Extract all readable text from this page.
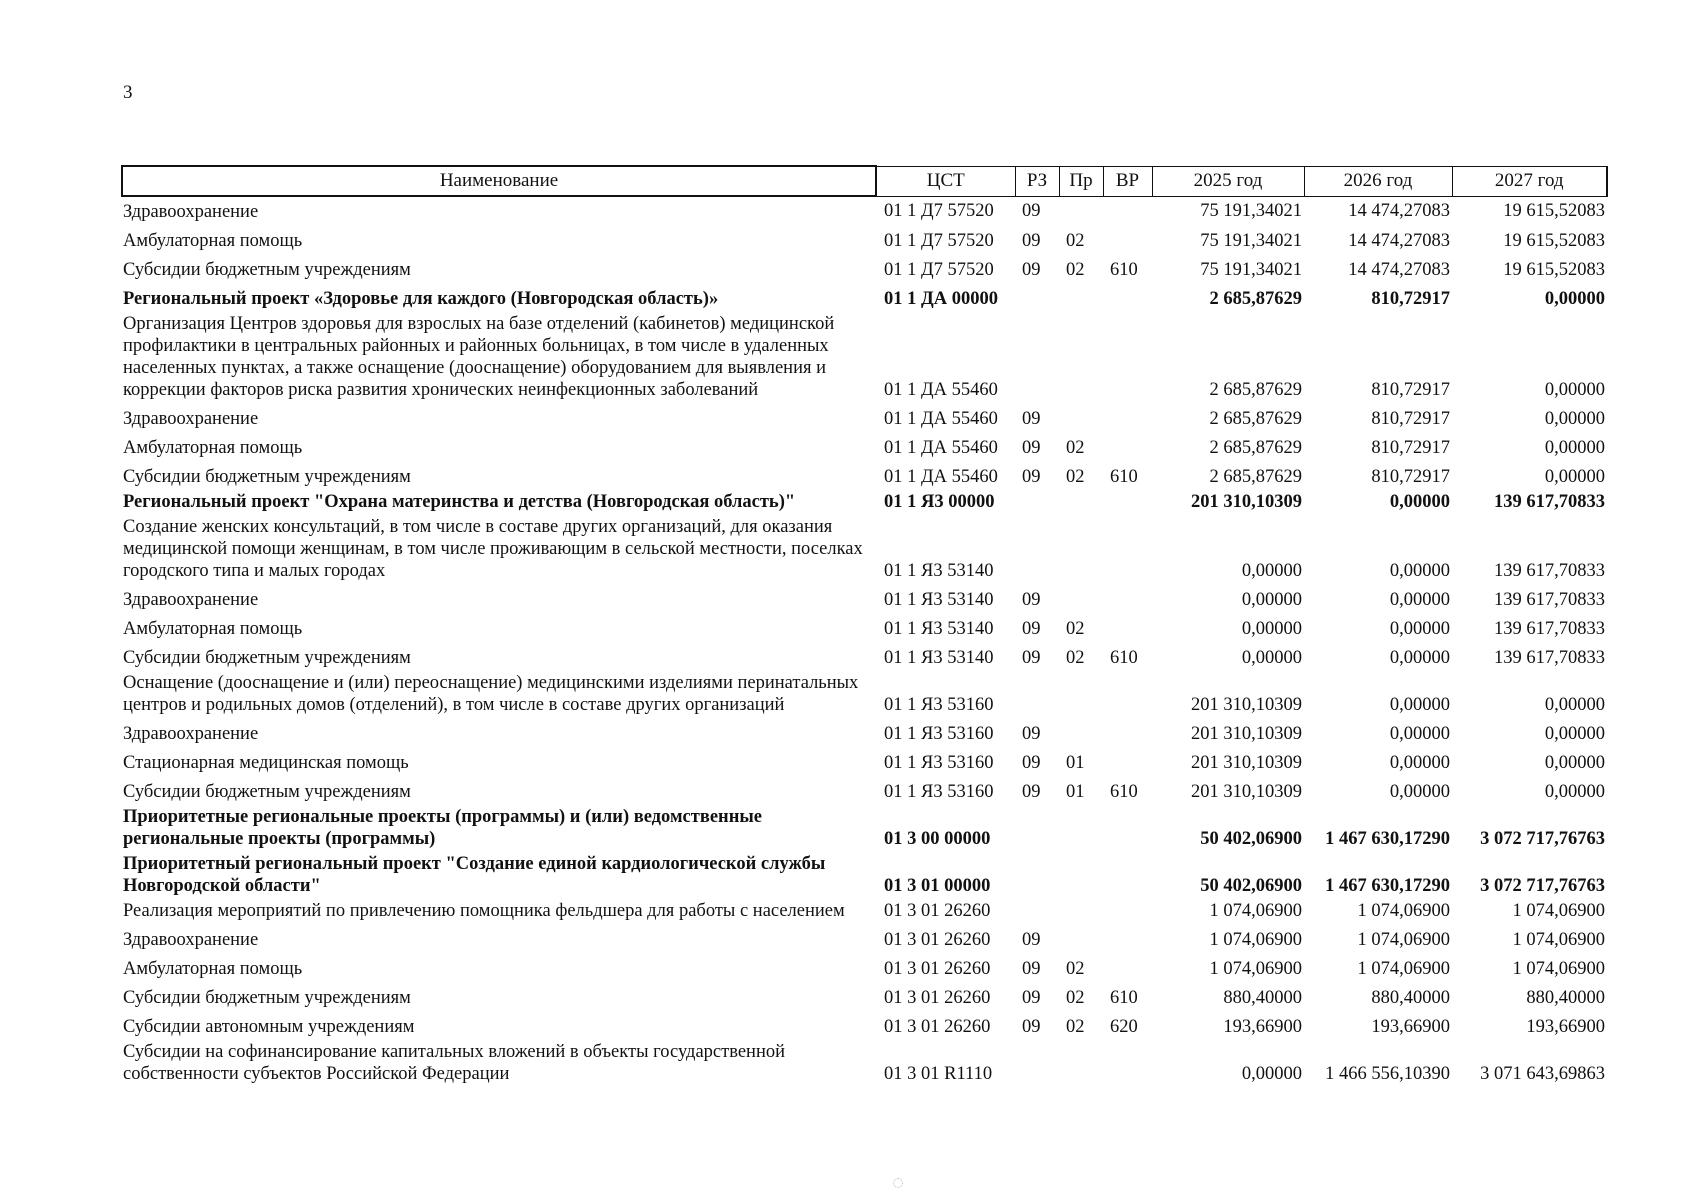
3
Наименование	ЦСТ	РЗ	Пр	ВР	2025 год	2026 год	2027 год
Здравоохранение	01 1 Д7 57520	09			75 191,34021	14 474,27083	19 615,52083
Амбулаторная помощь	01 1 Д7 57520	09	02		75 191,34021	14 474,27083	19 615,52083
Субсидии бюджетным учреждениям	01 1 Д7 57520	09	02	610	75 191,34021	14 474,27083	19 615,52083
Региональный проект «Здоровье для каждого (Новгородская область)»	01 1 ДА 00000				2 685,87629	810,72917	0,00000
Организация Центров здоровья для взрослых на базе отделений (кабинетов) медицинской профилактики в центральных районных и районных больницах, в том числе в удаленных населенных пунктах, а также оснащение (дооснащение) оборудованием для выявления и коррекции факторов риска развития хронических неинфекционных заболеваний	01 1 ДА 55460				2 685,87629	810,72917	0,00000
Здравоохранение	01 1 ДА 55460	09			2 685,87629	810,72917	0,00000
Амбулаторная помощь	01 1 ДА 55460	09	02		2 685,87629	810,72917	0,00000
Субсидии бюджетным учреждениям	01 1 ДА 55460	09	02	610	2 685,87629	810,72917	0,00000
Региональный проект "Охрана материнства и детства (Новгородская область)"	01 1 Я3 00000				201 310,10309	0,00000	139 617,70833
Создание женских консультаций, в том числе в составе других организаций, для оказания медицинской помощи женщинам, в том числе проживающим в сельской местности, поселках городского типа и малых городах	01 1 Я3 53140				0,00000	0,00000	139 617,70833
Здравоохранение	01 1 Я3 53140	09			0,00000	0,00000	139 617,70833
Амбулаторная помощь	01 1 Я3 53140	09	02		0,00000	0,00000	139 617,70833
Субсидии бюджетным учреждениям	01 1 Я3 53140	09	02	610	0,00000	0,00000	139 617,70833
Оснащение (дооснащение и (или) переоснащение) медицинскими изделиями перинатальных центров и родильных домов (отделений), в том числе в составе других организаций	01 1 Я3 53160				201 310,10309	0,00000	0,00000
Здравоохранение	01 1 Я3 53160	09			201 310,10309	0,00000	0,00000
Стационарная медицинская помощь	01 1 Я3 53160	09	01		201 310,10309	0,00000	0,00000
Субсидии бюджетным учреждениям	01 1 Я3 53160	09	01	610	201 310,10309	0,00000	0,00000
Приоритетные региональные проекты (программы) и (или) ведомственные региональные проекты (программы)	01 3 00 00000				50 402,06900	1 467 630,17290	3 072 717,76763
Приоритетный региональный проект "Создание единой кардиологической службы Новгородской области"	01 3 01 00000				50 402,06900	1 467 630,17290	3 072 717,76763
Реализация мероприятий по привлечению помощника фельдшера для работы с населением	01 3 01 26260				1 074,06900	1 074,06900	1 074,06900
Здравоохранение	01 3 01 26260	09			1 074,06900	1 074,06900	1 074,06900
Амбулаторная помощь	01 3 01 26260	09	02		1 074,06900	1 074,06900	1 074,06900
Субсидии бюджетным учреждениям	01 3 01 26260	09	02	610	880,40000	880,40000	880,40000
Субсидии автономным учреждениям	01 3 01 26260	09	02	620	193,66900	193,66900	193,66900
Субсидии на софинансирование капитальных вложений в объекты государственной собственности субъектов Российской Федерации	01 3 01 R1110				0,00000	1 466 556,10390	3 071 643,69863
